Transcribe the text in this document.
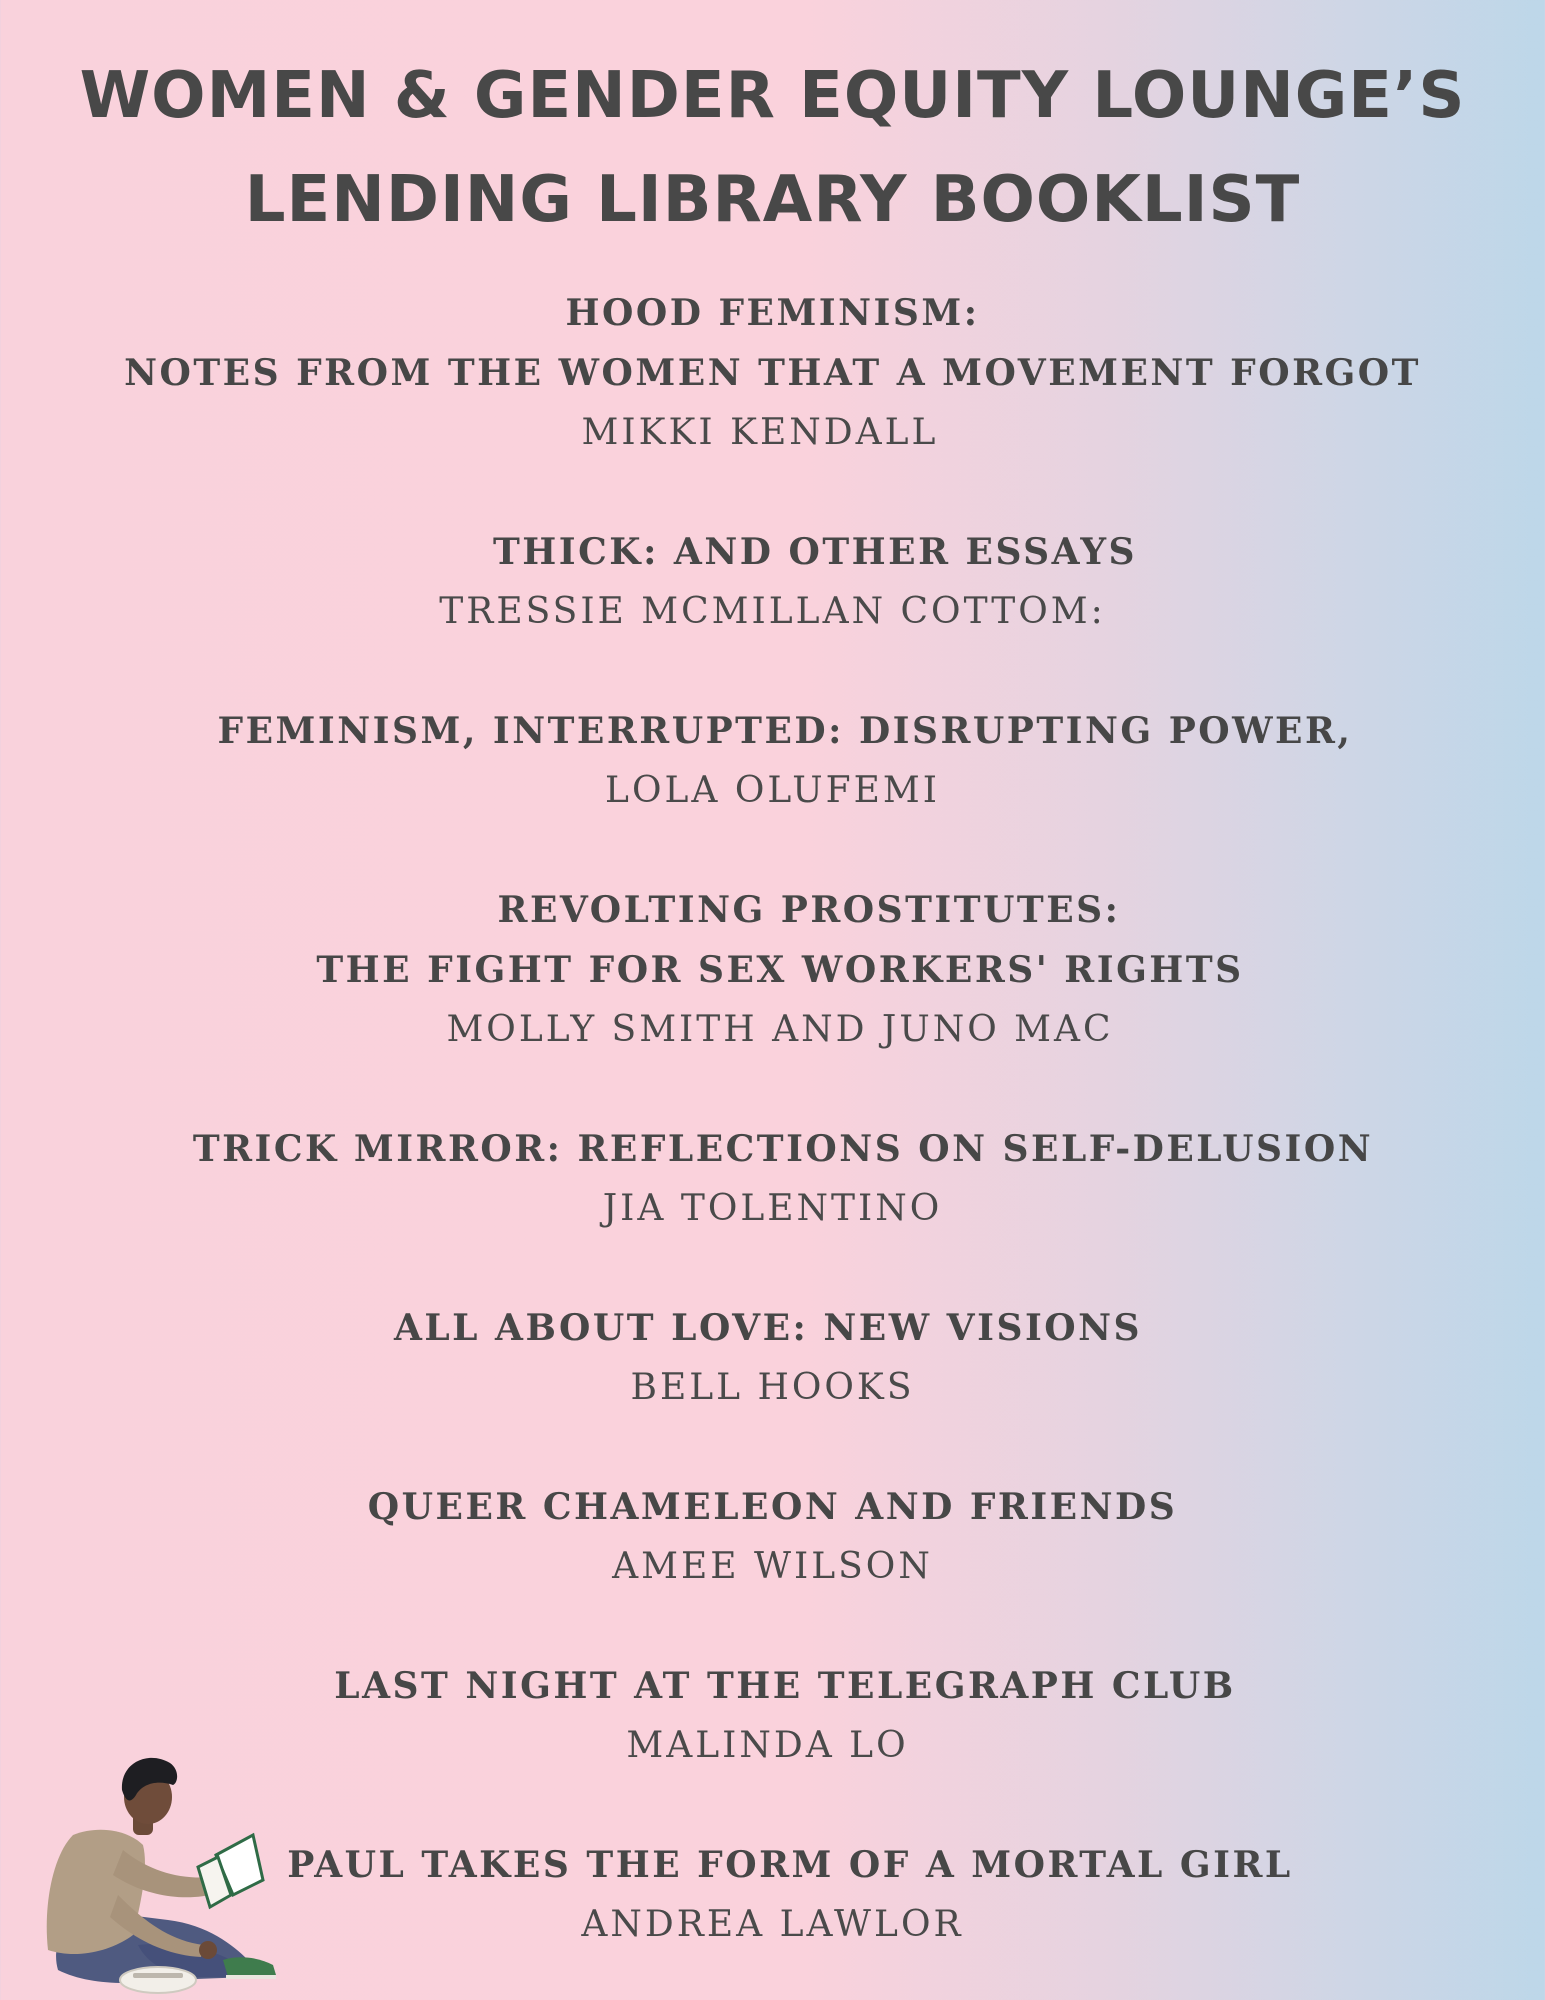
WOMEN & GENDER EQUITY LOUNGE’S
LENDING LIBRARY BOOKLIST

HOOD FEMINISM:

NOTES FROM THE WOMEN THAT A MOVEMENT FORGOT

MIKKI KENDALL

THICK: AND OTHER ESSAYS

TRESSIE MCMILLAN COTTOM:

FEMINISM, INTERRUPTED: DISRUPTING POWER,

LOLA OLUFEMI

REVOLTING PROSTITUTES:

THE FIGHT FOR SEX WORKERS' RIGHTS

MOLLY SMITH AND JUNO MAC

TRICK MIRROR: REFLECTIONS ON SELF-DELUSION

JIA TOLENTINO

ALL ABOUT LOVE: NEW VISIONS

BELL HOOKS

QUEER CHAMELEON AND FRIENDS

AMEE WILSON

LAST NIGHT AT THE TELEGRAPH CLUB

MALINDA LO

PAUL TAKES THE FORM OF A MORTAL GIRL

ANDREA LAWLOR
